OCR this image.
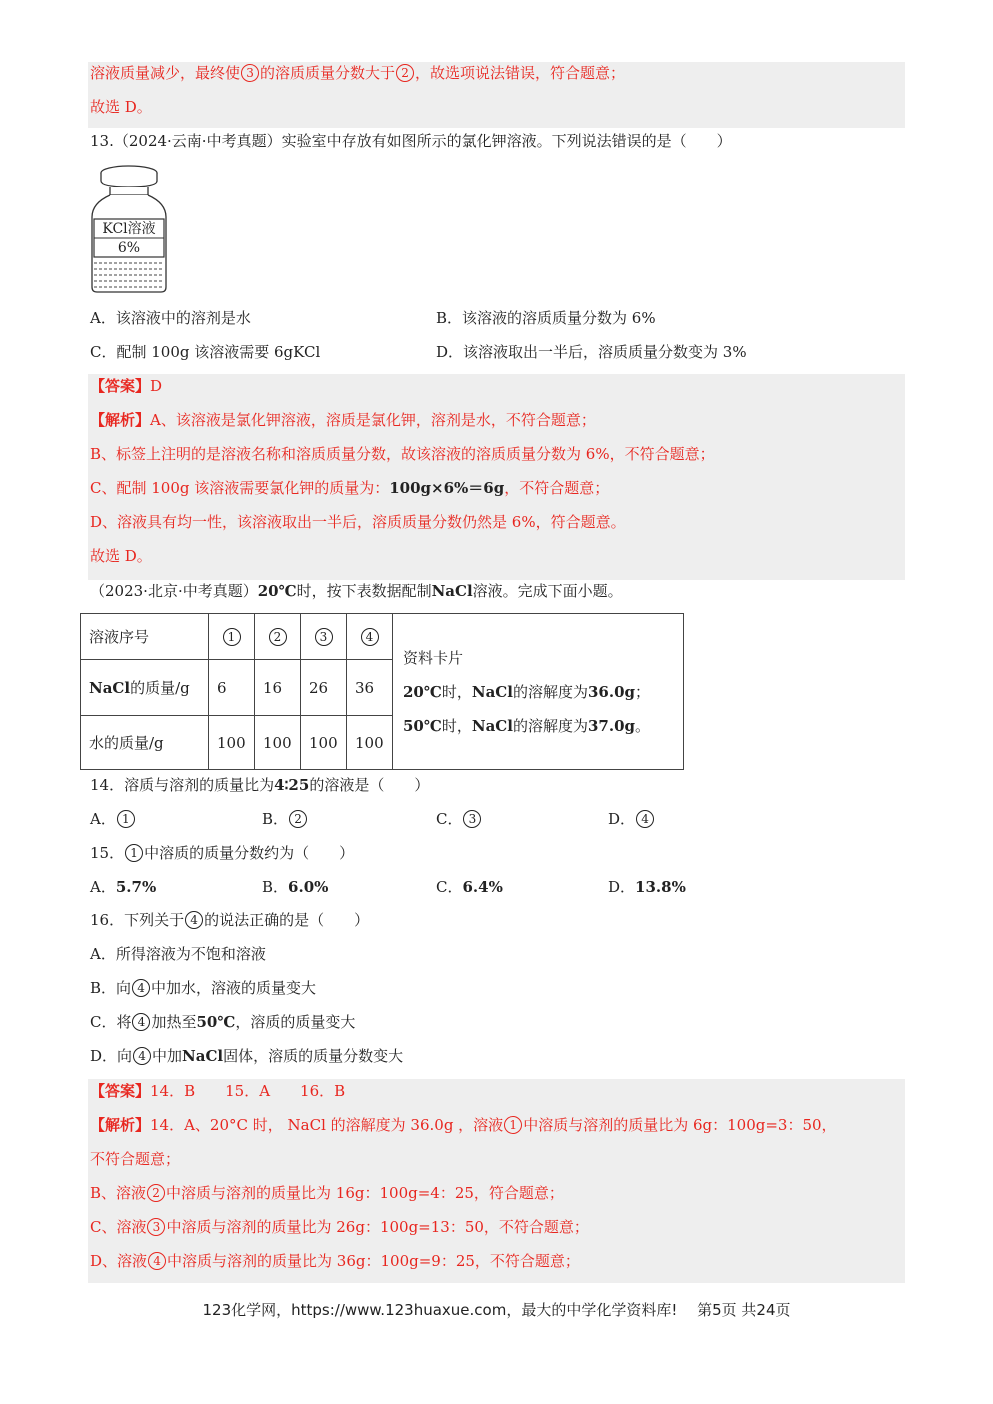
溶液质量减少，最终使 3 的溶质质量分数大于 2 ，故选项说法错误，符合题意；
故选 D。
13.（2024·云南·中考真题）实验室中存放有如图所示的氯化钾溶液。下列说法错误的是（　　）
KCl溶液
6%
A．该溶液中的溶剂是水	B．该溶液的溶质质量分数为 6%
C．配制 100g 该溶液需要 6gKCl	D．该溶液取出一半后，溶质质量分数变为 3%
【答案】D
【解析】A、该溶液是氯化钾溶液，溶质是氯化钾，溶剂是水，不符合题意；
B、标签上注明的是溶液名称和溶质质量分数，故该溶液的溶质质量分数为 6%，不符合题意；
C、配制 100g 该溶液需要氯化钾的质量为：100g×6%＝6g，不符合题意；
D、溶液具有均一性，该溶液取出一半后，溶质质量分数仍然是 6%，符合题意。
故选 D。
（2023·北京·中考真题）20℃时，按下表数据配制NaCl溶液。完成下面小题。
溶液序号	1	2	3	4	资料卡片
20℃时，NaCl的溶解度为36.0g；
50℃时，NaCl的溶解度为37.0g。

NaCl的质量/g	6	16	26	36	
水的质量/g	100	100	100	100	
14．溶质与溶剂的质量比为4∶25的溶液是（　　）
A． 1	B． 2	C． 3	D． 4
15． 1 中溶质的质量分数约为（　　）
A．5.7%	B．6.0%	C．6.4%	D．13.8%
16．下列关于 4 的说法正确的是（　　）
A．所得溶液为不饱和溶液
B．向 4 中加水，溶液的质量变大
C．将 4 加热至50℃，溶质的质量变大
D．向 4 中加NaCl固体，溶质的质量分数变大
【答案】14．B　　15．A　　16．B
【解析】14．A、20°C 时， NaCl 的溶解度为 36.0g ，溶液 1 中溶质与溶剂的质量比为 6g：100g=3：50，
不符合题意；
B、溶液 2 中溶质与溶剂的质量比为 16g：100g=4：25，符合题意；
C、溶液 3 中溶质与溶剂的质量比为 26g：100g=13：50，不符合题意；
D、溶液 4 中溶质与溶剂的质量比为 36g：100g=9：25，不符合题意；
123化学网，https://www.123huaxue.com，最大的中学化学资料库!　 第5页 共24页
